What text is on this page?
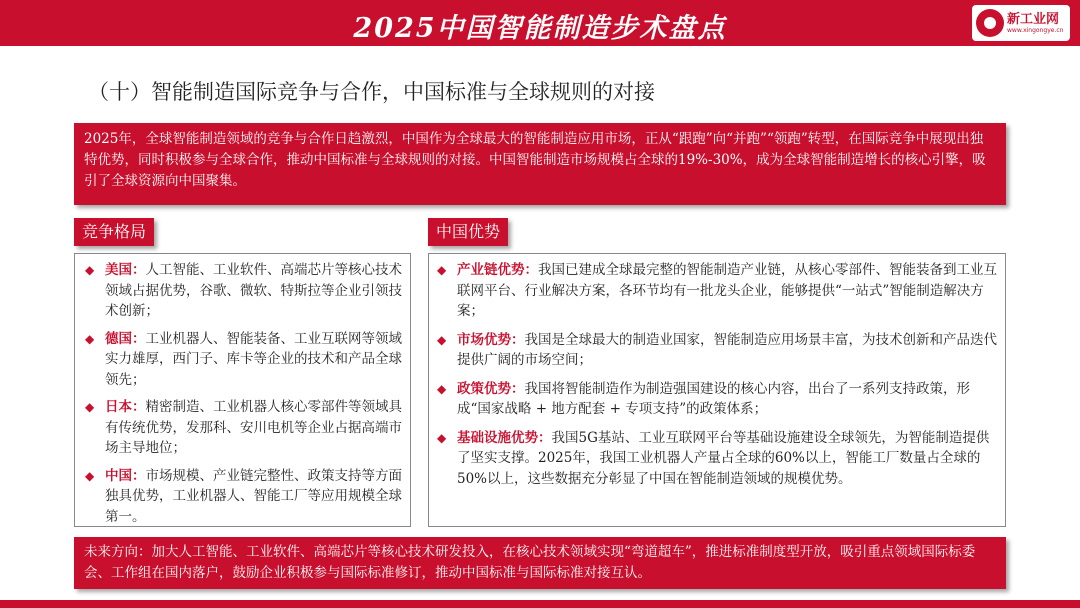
2025中国智能制造步术盘点	新工业网
www.xingongye.cn
（十）智能制造国际竞争与合作，中国标准与全球规则的对接
2025年，全球智能制造领域的竞争与合作日趋激烈，中国作为全球最大的智能制造应用市场，正从“跟跑”向“并跑”“领跑”转型，在国际竞争中展现出独特优势，同时积极参与全球合作，推动中国标准与全球规则的对接。中国智能制造市场规模占全球的19%-30%，成为全球智能制造增长的核心引擎，吸引了全球资源向中国聚集。
竞争格局	中国优势
◆ 美国：人工智能、工业软件、高端芯片等核心技术领域占据优势，谷歌、微软、特斯拉等企业引领技术创新；
◆ 德国：工业机器人、智能装备、工业互联网等领域实力雄厚，西门子、库卡等企业的技术和产品全球领先；
◆ 日本：精密制造、工业机器人核心零部件等领域具有传统优势，发那科、安川电机等企业占据高端市场主导地位；
◆ 中国：市场规模、产业链完整性、政策支持等方面独具优势，工业机器人、智能工厂等应用规模全球第一。
◆ 产业链优势：我国已建成全球最完整的智能制造产业链，从核心零部件、智能装备到工业互联网平台、行业解决方案，各环节均有一批龙头企业，能够提供“一站式”智能制造解决方案；
◆ 市场优势：我国是全球最大的制造业国家，智能制造应用场景丰富，为技术创新和产品迭代提供广阔的市场空间；
◆ 政策优势：我国将智能制造作为制造强国建设的核心内容，出台了一系列支持政策，形成“国家战略 + 地方配套 + 专项支持”的政策体系；
◆ 基础设施优势：我国5G基站、工业互联网平台等基础设施建设全球领先，为智能制造提供了坚实支撑。2025年，我国工业机器人产量占全球的60%以上，智能工厂数量占全球的50%以上，这些数据充分彰显了中国在智能制造领域的规模优势。
未来方向：加大人工智能、工业软件、高端芯片等核心技术研发投入，在核心技术领域实现“弯道超车”，推进标准制度型开放，吸引重点领域国际标委会、工作组在国内落户，鼓励企业积极参与国际标准修订，推动中国标准与国际标准对接互认。
